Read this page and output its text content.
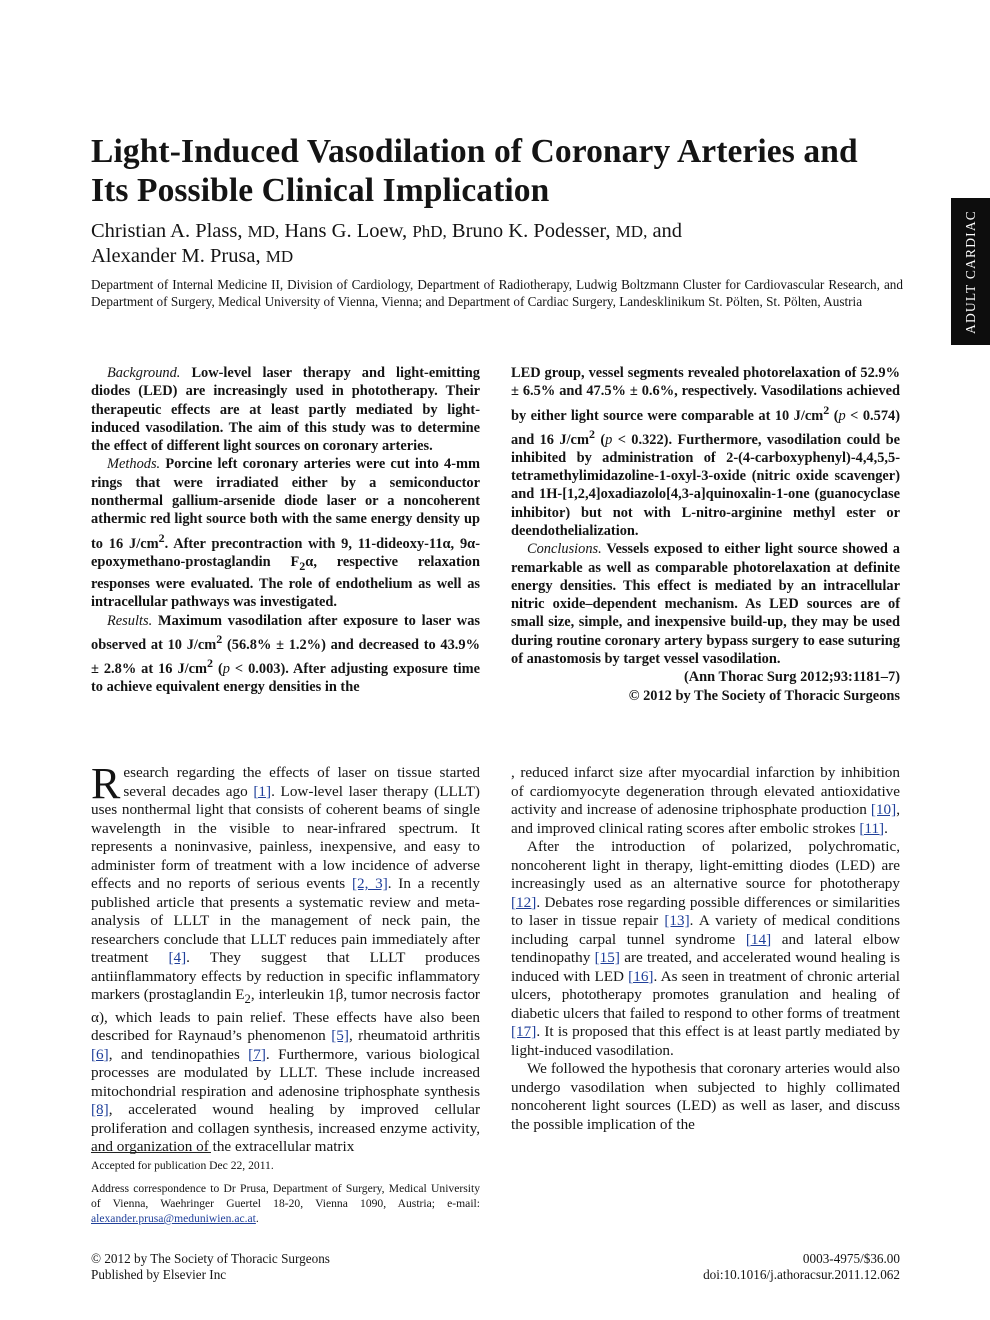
Light-Induced Vasodilation of Coronary Arteries and Its Possible Clinical Implication

Christian A. Plass, MD, Hans G. Loew, PhD, Bruno K. Podesser, MD, and
Alexander M. Prusa, MD

Department of Internal Medicine II, Division of Cardiology, Department of Radiotherapy, Ludwig Boltzmann Cluster for Cardiovascular Research, and Department of Surgery, Medical University of Vienna, Vienna; and Department of Cardiac Surgery, Landesklinikum St. Pölten, St. Pölten, Austria	ADULT CARDIAC

Background. Low-level laser therapy and light-emitting diodes (LED) are increasingly used in phototherapy. Their therapeutic effects are at least partly mediated by light-induced vasodilation. The aim of this study was to determine the effect of different light sources on coronary arteries.

Methods. Porcine left coronary arteries were cut into 4-mm rings that were irradiated either by a semiconductor nonthermal gallium-arsenide diode laser or a noncoherent athermic red light source both with the same energy density up to 16 $J/cm^2$. After precontraction with 9, 11-dideoxy-11α, 9α-epoxymethano-prostaglandin $F_2\alpha$, respective relaxation responses were evaluated. The role of endothelium as well as intracellular pathways was investigated.

Results. Maximum vasodilation after exposure to laser was observed at 10 $J/cm^2$ (56.8% ± 1.2%) and decreased to 43.9% ± 2.8% at 16 $J/cm^2$ (p < 0.003). After adjusting exposure time to achieve equivalent energy densities in the

LED group, vessel segments revealed photorelaxation of 52.9% ± 6.5% and 47.5% ± 0.6%, respectively. Vasodilations achieved by either light source were comparable at 10 $J/cm^2$ (p < 0.574) and 16 $J/cm^2$ (p < 0.322). Furthermore, vasodilation could be inhibited by administration of 2-(4-carboxyphenyl)-4,4,5,5-tetramethylimidazoline-1-oxyl-3-oxide (nitric oxide scavenger) and 1H-[1,2,4]oxadiazolo[4,3-a]quinoxalin-1-one (guanocyclase inhibitor) but not with L-nitro-arginine methyl ester or deendothelialization.

Conclusions. Vessels exposed to either light source showed a remarkable as well as comparable photorelaxation at definite energy densities. This effect is mediated by an intracellular nitric oxide–dependent mechanism. As LED sources are of small size, simple, and inexpensive build-up, they may be used during routine coronary artery bypass surgery to ease suturing of anastomosis by target vessel vasodilation.

(Ann Thorac Surg 2012;93:1181–7)

© 2012 by The Society of Thoracic Surgeons

Research regarding the effects of laser on tissue started several decades ago [1]. Low-level laser therapy (LLLT) uses nonthermal light that consists of coherent beams of single wavelength in the visible to near-infrared spectrum. It represents a noninvasive, painless, inexpensive, and easy to administer form of treatment with a low incidence of adverse effects and no reports of serious events [2, 3]. In a recently published article that presents a systematic review and meta-analysis of LLLT in the management of neck pain, the researchers conclude that LLLT reduces pain immediately after treatment [4]. They suggest that LLLT produces antiinflammatory effects by reduction in specific inflammatory markers (prostaglandin $E_2$, interleukin 1β, tumor necrosis factor α), which leads to pain relief. These effects have also been described for Raynaud’s phenomenon [5], rheumatoid arthritis [6], and tendinopathies [7]. Furthermore, various biological processes are modulated by LLLT. These include increased mitochondrial respiration and adenosine triphosphate synthesis [8], accelerated wound healing by improved cellular proliferation and collagen synthesis, increased enzyme activity, and organization of the extracellular matrix

, reduced infarct size after myocardial infarction by inhibition of cardiomyocyte degeneration through elevated antioxidative activity and increase of adenosine triphosphate production [10], and improved clinical rating scores after embolic strokes [11].

After the introduction of polarized, polychromatic, noncoherent light in therapy, light-emitting diodes (LED) are increasingly used as an alternative source for phototherapy [12]. Debates rose regarding possible differences or similarities to laser in tissue repair [13]. A variety of medical conditions including carpal tunnel syndrome [14] and lateral elbow tendinopathy [15] are treated, and accelerated wound healing is induced with LED [16]. As seen in treatment of chronic arterial ulcers, phototherapy promotes granulation and healing of diabetic ulcers that failed to respond to other forms of treatment [17]. It is proposed that this effect is at least partly mediated by light-induced vasodilation.

We followed the hypothesis that coronary arteries would also undergo vasodilation when subjected to highly collimated noncoherent light sources (LED) as well as laser, and discuss the possible implication of the

Accepted for publication Dec 22, 2011.

Address correspondence to Dr Prusa, Department of Surgery, Medical University of Vienna, Waehringer Guertel 18-20, Vienna 1090, Austria; e-mail: alexander.prusa@meduniwien.ac.at.

© 2012 by The Society of Thoracic Surgeons
Published by Elsevier Inc
0003-4975/$36.00
doi:10.1016/j.athoracsur.2011.12.062
